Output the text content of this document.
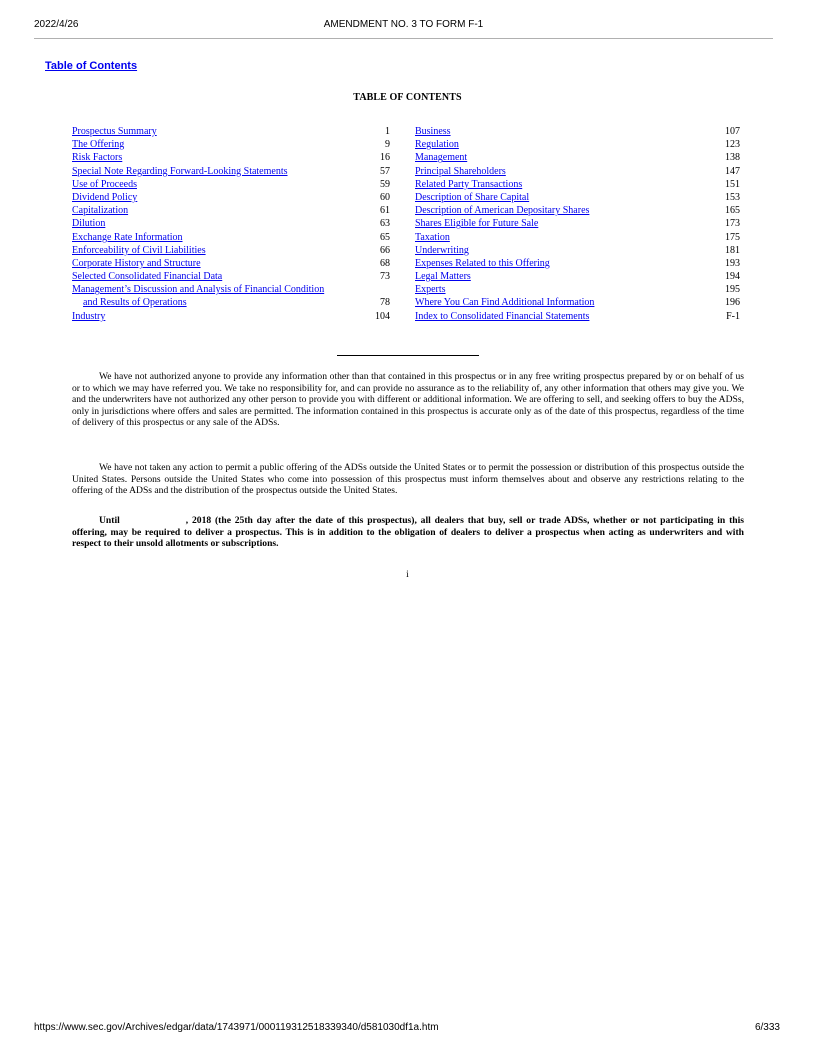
2022/4/26	AMENDMENT NO. 3 TO FORM F-1
Table of Contents
TABLE OF CONTENTS
Prospectus Summary	1
The Offering	9
Risk Factors	16
Special Note Regarding Forward-Looking Statements	57
Use of Proceeds	59
Dividend Policy	60
Capitalization	61
Dilution	63
Exchange Rate Information	65
Enforceability of Civil Liabilities	66
Corporate History and Structure	68
Selected Consolidated Financial Data	73
Management’s Discussion and Analysis of Financial Condition
and Results of Operations	78
Industry	104
Business	107
Regulation	123
Management	138
Principal Shareholders	147
Related Party Transactions	151
Description of Share Capital	153
Description of American Depositary Shares	165
Shares Eligible for Future Sale	173
Taxation	175
Underwriting	181
Expenses Related to this Offering	193
Legal Matters	194
Experts	195
Where You Can Find Additional Information	196
Index to Consolidated Financial Statements	F-1
We have not authorized anyone to provide any information other than that contained in this prospectus or in any free writing prospectus prepared by or on behalf of us or to which we may have referred you. We take no responsibility for, and can provide no assurance as to the reliability of, any other information that others may give you. We and the underwriters have not authorized any other person to provide you with different or additional information. We are offering to sell, and seeking offers to buy the ADSs, only in jurisdictions where offers and sales are permitted. The information contained in this prospectus is accurate only as of the date of this prospectus, regardless of the time of delivery of this prospectus or any sale of the ADSs.
We have not taken any action to permit a public offering of the ADSs outside the United States or to permit the possession or distribution of this prospectus outside the United States. Persons outside the United States who come into possession of this prospectus must inform themselves about and observe any restrictions relating to the offering of the ADSs and the distribution of the prospectus outside the United States.
Until	, 2018 (the 25th day after the date of this prospectus), all dealers that buy, sell or trade ADSs, whether or not participating in this offering, may be required to deliver a prospectus. This is in addition to the obligation of dealers to deliver a prospectus when acting as underwriters and with respect to their unsold allotments or subscriptions.
i
https://www.sec.gov/Archives/edgar/data/1743971/000119312518339340/d581030df1a.htm	6/333
